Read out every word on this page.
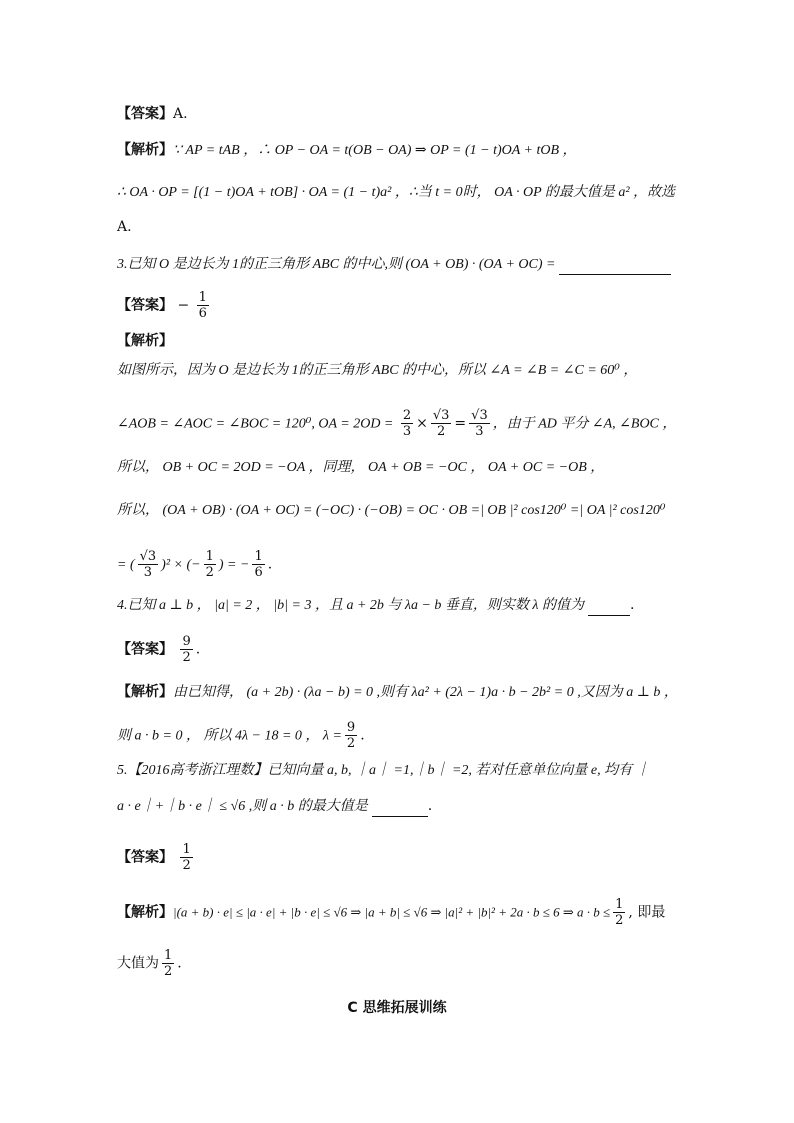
【答案】A.
【解析】∵ AP = tAB ，∴ OP − OA = t(OB − OA) ⇒ OP = (1 − t)OA + tOB ，
∴ OA · OP = [(1 − t)OA + tOB] · OA = (1 − t)a² ，∴当 t = 0时， OA · OP 的最大值是 a² ，故选
A.
3.已知 O 是边长为 1的正三角形 ABC 的中心,则 (OA + OB) · (OA + OC) =
【答案】 − $\frac{1}{6}$
【解析】
如图所示，因为 O 是边长为 1的正三角形 ABC 的中心，所以 ∠A = ∠B = ∠C = 60⁰ ，
∠AOB = ∠AOC = ∠BOC = 120⁰, OA = $2OD = \frac{2}{3} \times \frac{√3}{2} = \frac{√3}{3}$ ，由于 AD 平分 ∠A, ∠BOC ，
所以， OB + OC = 2OD = −OA ，同理， OA + OB = −OC ， OA + OC = −OB ，
所以， (OA + OB) · (OA + OC) = (−OC) · (−OB) = OC · OB =| OB |² cos120⁰ =| OA |² cos120⁰
= ( $\frac{√3}{3} )^2$ × (− $\frac{1}{2}$ ) = − $\frac{1}{6}$ .
4.已知 a ⊥ b ， |a| = 2 ， |b| = 3 ，且 a + 2b 与 λa − b 垂直，则实数 λ 的值为	.
【答案】 $\frac{9}{2}$ .
【解析】由已知得， (a + 2b) · (λa − b) = 0 ,则有 λa² + (2λ − 1)a · b − 2b² = 0 ,又因为 a ⊥ b ，
则 a · b = 0 ， 所以 4λ − 18 = 0 ， $\lambda = \frac{9}{2}$ .
5.【2016高考浙江理数】已知向量 a, b, ｜a｜ =1,｜b｜ =2, 若对任意单位向量 e, 均有 ｜
a · e｜+｜b · e｜ ≤ √6 ,则 a · b 的最大值是	.
【答案】 $\frac{1}{2}$
【解析】|(a + b) · e| ≤ |a · e| + |b · e| ≤ √6 ⇒ |a + b| ≤ √6 ⇒ |a|² + |b|² + 2a · b ≤ 6 ⇒ $a \cdot b \le \frac{1}{2}$ , 即最
大值为 $\frac{1}{2}$ .
C 思维拓展训练
